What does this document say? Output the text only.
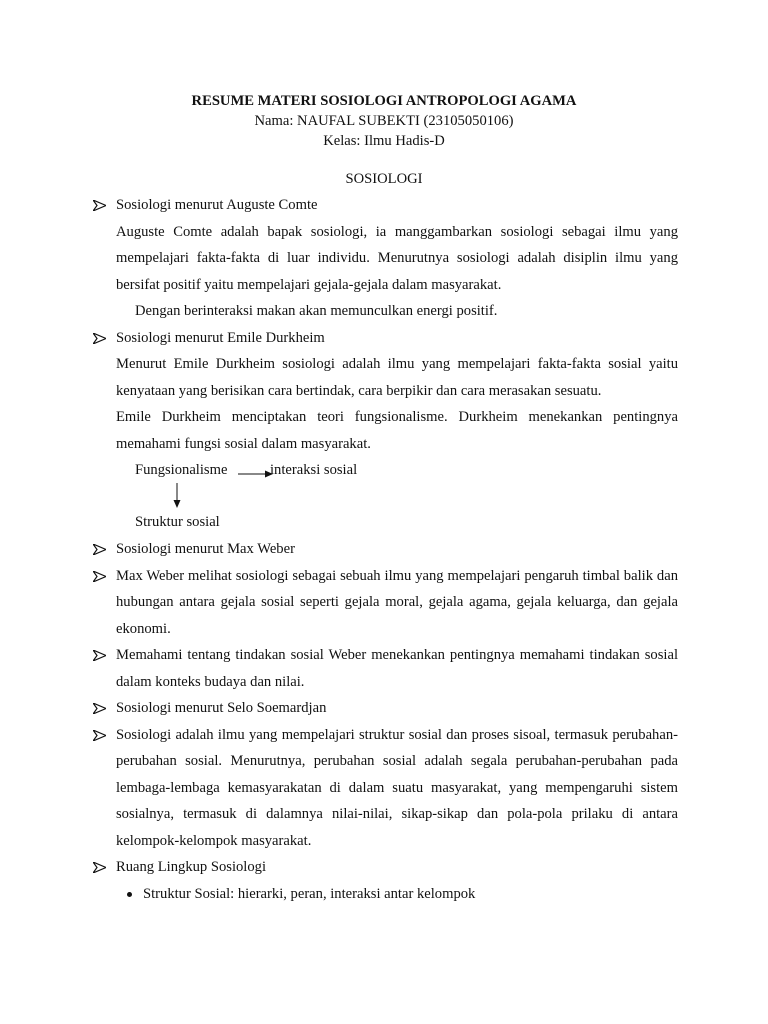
RESUME MATERI SOSIOLOGI ANTROPOLOGI AGAMA
Nama: NAUFAL SUBEKTI (23105050106)
Kelas: Ilmu Hadis-D
SOSIOLOGI
Sosiologi menurut Auguste Comte
Auguste Comte adalah bapak sosiologi, ia manggambarkan sosiologi sebagai ilmu yang mempelajari fakta-fakta di luar individu. Menurutnya sosiologi adalah disiplin ilmu yang bersifat positif yaitu mempelajari gejala-gejala dalam masyarakat.
Dengan berinteraksi makan akan memunculkan energi positif.
Sosiologi menurut Emile Durkheim
Menurut Emile Durkheim sosiologi adalah ilmu yang mempelajari fakta-fakta sosial yaitu kenyataan yang berisikan cara bertindak, cara berpikir dan cara merasakan sesuatu.
Emile Durkheim menciptakan teori fungsionalisme. Durkheim menekankan pentingnya memahami fungsi sosial dalam masyarakat.
Fungsionalisme	interaksi sosial
Struktur sosial
Sosiologi menurut Max Weber
Max Weber melihat sosiologi sebagai sebuah ilmu yang mempelajari pengaruh timbal balik dan hubungan antara gejala sosial seperti gejala moral, gejala agama, gejala keluarga, dan gejala ekonomi.
Memahami tentang tindakan sosial Weber menekankan pentingnya memahami tindakan sosial dalam konteks budaya dan nilai.
Sosiologi menurut Selo Soemardjan
Sosiologi adalah ilmu yang mempelajari struktur sosial dan proses sisoal, termasuk perubahan-perubahan sosial. Menurutnya, perubahan sosial adalah segala perubahan-perubahan pada lembaga-lembaga kemasyarakatan di dalam suatu masyarakat, yang mempengaruhi sistem sosialnya, termasuk di dalamnya nilai-nilai, sikap-sikap dan pola-pola prilaku di antara kelompok-kelompok masyarakat.
Ruang Lingkup Sosiologi
Struktur Sosial: hierarki, peran, interaksi antar kelompok
